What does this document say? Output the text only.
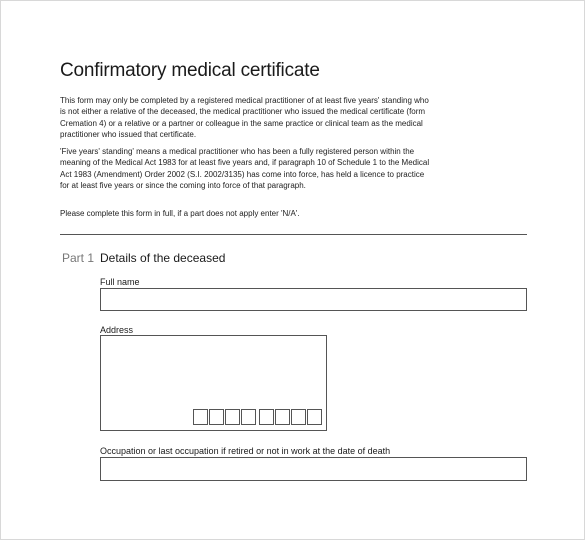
Confirmatory medical certificate
This form may only be completed by a registered medical practitioner of at least five years' standing who is not either a relative of the deceased, the medical practitioner who issued the medical certificate (form Cremation 4) or a relative or a partner or colleague in the same practice or clinical team as the medical practitioner who issued that certificate.
'Five years' standing' means a medical practitioner who has been a fully registered person within the meaning of the Medical Act 1983 for at least five years and, if paragraph 10 of Schedule 1 to the Medical Act 1983 (Amendment) Order 2002 (S.I. 2002/3135) has come into force, has held a licence to practice for at least five years or since the coming into force of that paragraph.
Please complete this form in full, if a part does not apply enter 'N/A'.
Part 1 Details of the deceased
Full name
Address
Occupation or last occupation if retired or not in work at the date of death
